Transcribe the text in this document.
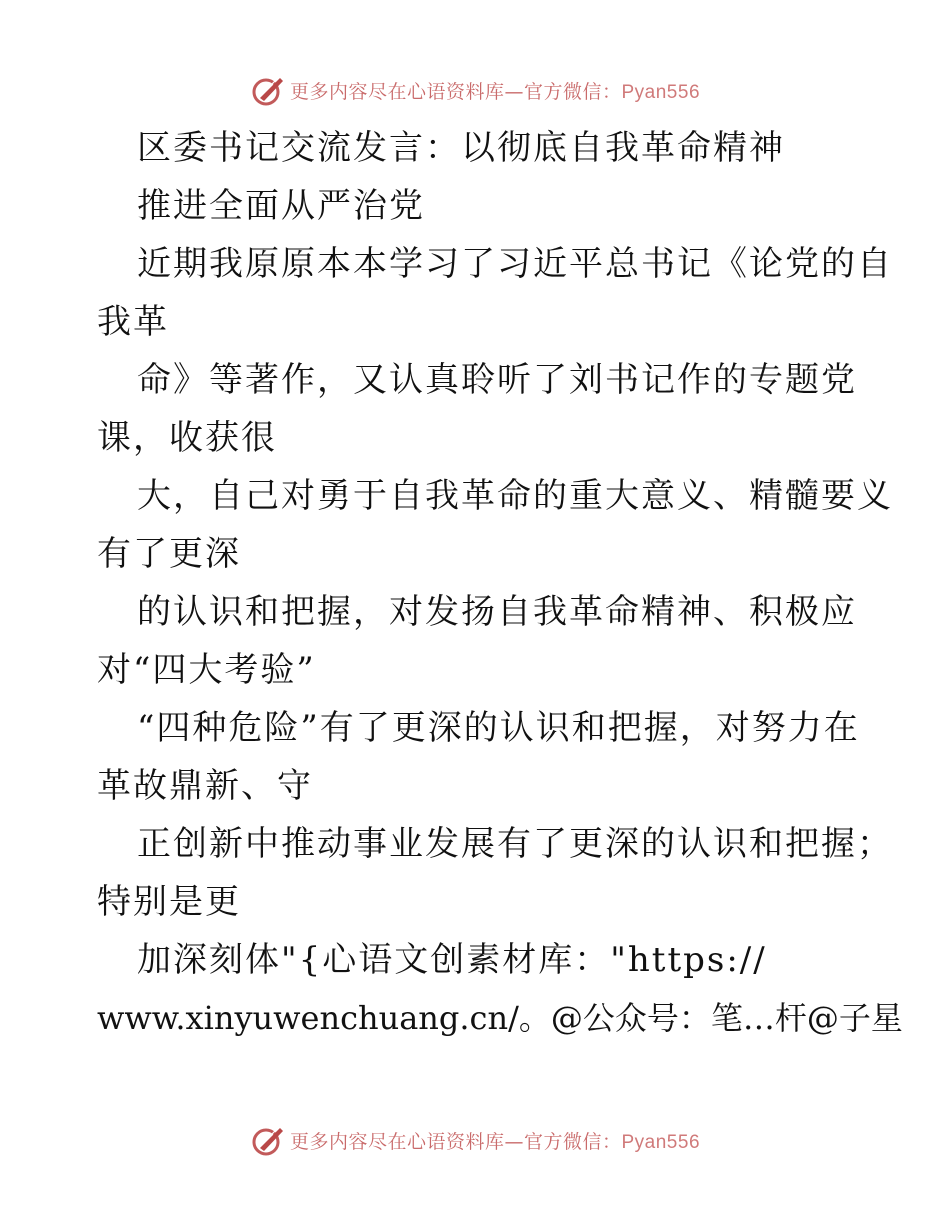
更多内容尽在心语资料库—官方微信：Pyan556
区委书记交流发言：以彻底自我革命精神
推进全面从严治党
近期我原原本本学习了习近平总书记《论党的自
我革
命》等著作，又认真聆听了刘书记作的专题党
课，收获很
大，自己对勇于自我革命的重大意义、精髓要义
有了更深
的认识和把握，对发扬自我革命精神、积极应
对“四大考验”
“四种危险”有了更深的认识和把握，对努力在
革故鼎新、守
正创新中推动事业发展有了更深的认识和把握；
特别是更
加深刻体"{心语文创素材库："https://
www.xinyuwenchuang.cn/。@公众号：笔…杆@子星
更多内容尽在心语资料库—官方微信：Pyan556
